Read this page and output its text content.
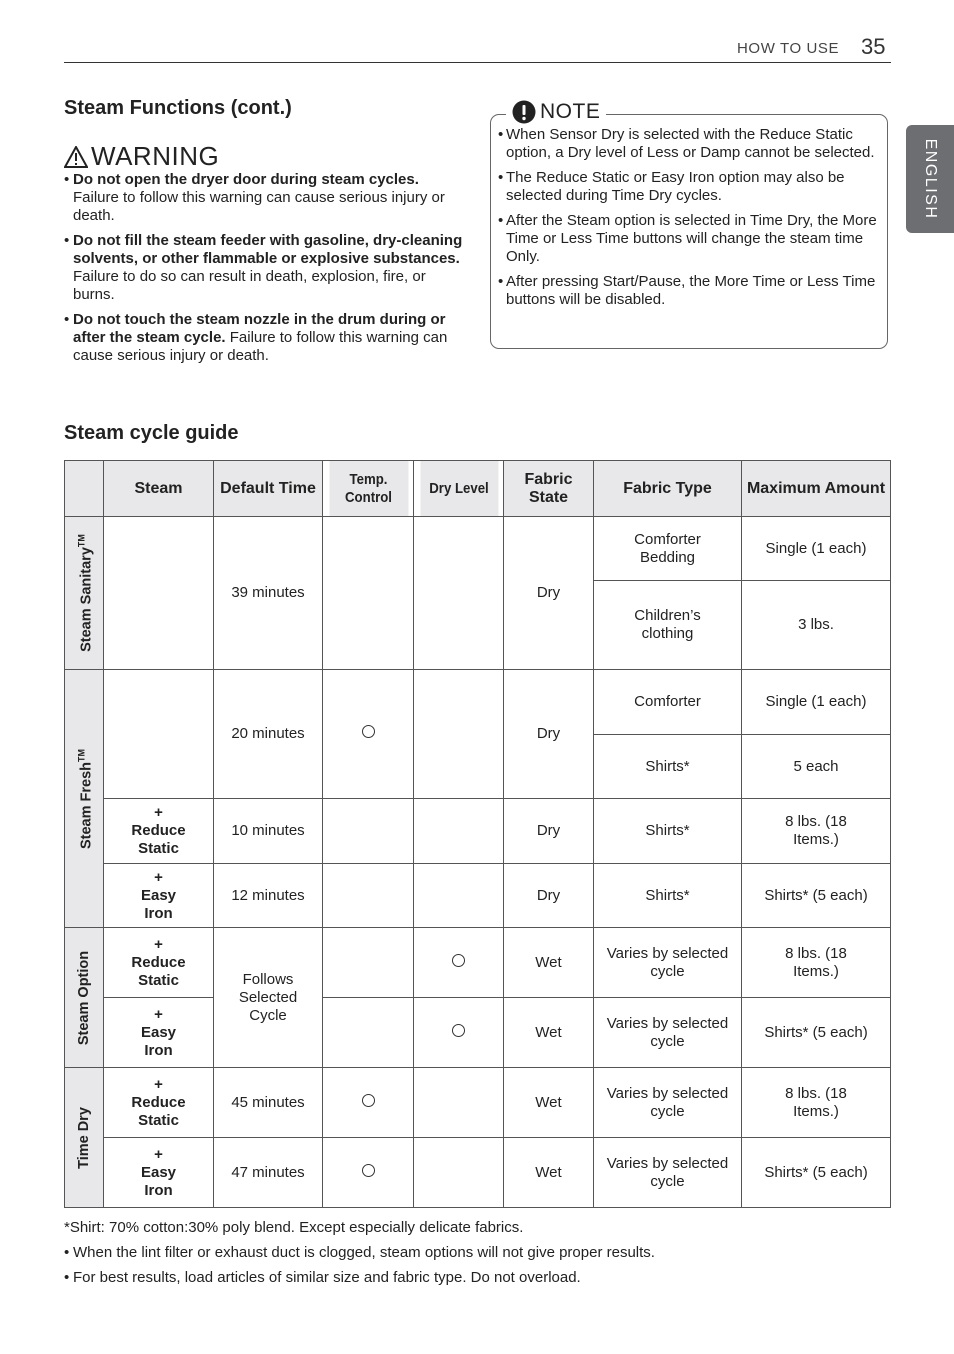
HOW TO USE 35
ENGLISH
Steam Functions (cont.)
WARNING
• Do not open the dryer door during steam cycles. Failure to follow this warning can cause serious injury or death.
• Do not fill the steam feeder with gasoline, dry-cleaning solvents, or other flammable or explosive substances. Failure to do so can result in death, explosion, fire, or burns.
• Do not touch the steam nozzle in the drum during or after the steam cycle. Failure to follow this warning can cause serious injury or death.
NOTE
• When Sensor Dry is selected with the Reduce Static option, a Dry level of Less or Damp cannot be selected.
• The Reduce Static or Easy Iron option may also be selected during Time Dry cycles.
• After the Steam option is selected in Time Dry, the More Time or Less Time buttons will change the steam time Only.
• After pressing Start/Pause, the More Time or Less Time buttons will be disabled.
Steam cycle guide
	Steam	Default Time	Temp. Control	Dry Level	Fabric State	Fabric Type	Maximum Amount

Steam Sanitary™		39 minutes			Dry	Comforter Bedding	Single (1 each)
						Children’s clothing	3 lbs.

Steam Fresh™		20 minutes			Dry	Comforter	Single (1 each)
						Shirts*	5 each
	+ Reduce Static	10 minutes			Dry	Shirts*	8 lbs. (18 Items.)
	+ Easy Iron	12 minutes			Dry	Shirts*	Shirts* (5 each)

Steam Option	+ Reduce Static	Follows Selected Cycle			Wet	Varies by selected cycle	8 lbs. (18 Items.)
	+ Easy Iron				Wet	Varies by selected cycle	Shirts* (5 each)

Time Dry	+ Reduce Static	45 minutes			Wet	Varies by selected cycle	8 lbs. (18 Items.)
	+ Easy Iron	47 minutes			Wet	Varies by selected cycle	Shirts* (5 each)
*Shirt: 70% cotton:30% poly blend. Except especially delicate fabrics.
• When the lint filter or exhaust duct is clogged, steam options will not give proper results.
• For best results, load articles of similar size and fabric type. Do not overload.
